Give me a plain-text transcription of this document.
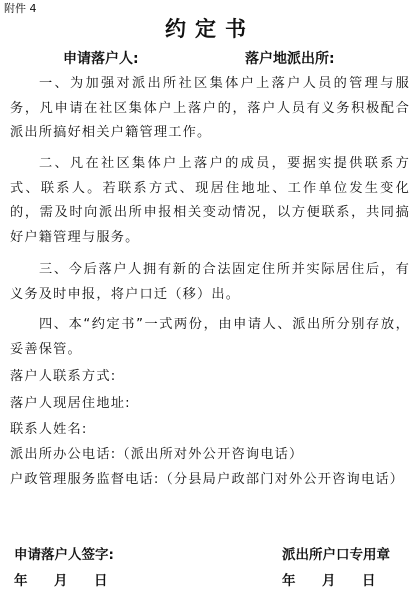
附件 4
约定书
申请落户人:	落户地派出所:

一、为加强对派出所社区集体户上落户人员的管理与服务，凡申请在社区集体户上落户的，落户人员有义务积极配合派出所搞好相关户籍管理工作。

二、凡在社区集体户上落户的成员，要据实提供联系方式、联系人。若联系方式、现居住地址、工作单位发生变化的，需及时向派出所申报相关变动情况，以方便联系，共同搞好户籍管理与服务。

三、今后落户人拥有新的合法固定住所并实际居住后，有义务及时申报，将户口迁（移）出。

四、本“约定书”一式两份，由申请人、派出所分别存放，妥善保管。

落户人联系方式:

落户人现居住地址:

联系人姓名:

派出所办公电话:（派出所对外公开咨询电话）

户政管理服务监督电话:（分县局户政部门对外公开咨询电话）

申请落户人签字:	派出所户口专用章
年 月 日	年 月 日
